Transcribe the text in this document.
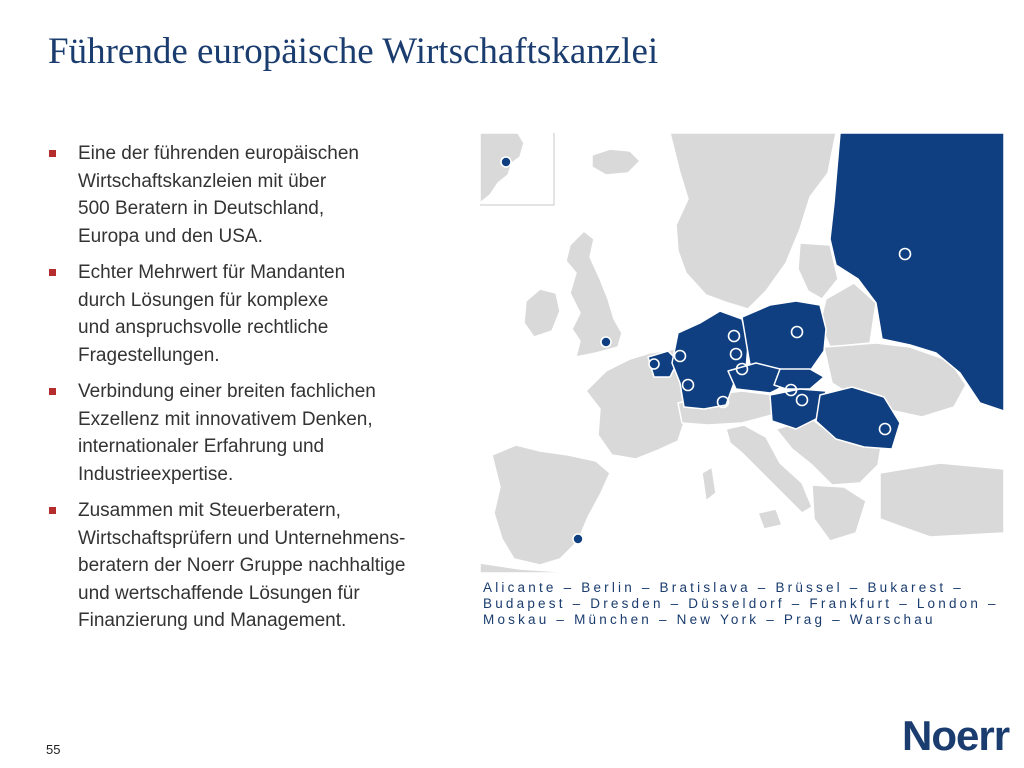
Führende europäische Wirtschaftskanzlei
Eine der führenden europäischen
Wirtschaftskanzleien mit über
500 Beratern in Deutschland,
Europa und den USA.
Echter Mehrwert für Mandanten
durch Lösungen für komplexe
und anspruchsvolle rechtliche
Fragestellungen.
Verbindung einer breiten fachlichen
Exzellenz mit innovativem Denken,
internationaler Erfahrung und
Industrieexpertise.
Zusammen mit Steuerberatern,
Wirtschaftsprüfern und Unternehmens-
beratern der Noerr Gruppe nachhaltige
und wertschaffende Lösungen für
Finanzierung und Management.
Alicante – Berlin – Bratislava – Brüssel – Bukarest –
Budapest – Dresden – Düsseldorf – Frankfurt – London –
Moskau – München – New York – Prag – Warschau
55	Noerr
